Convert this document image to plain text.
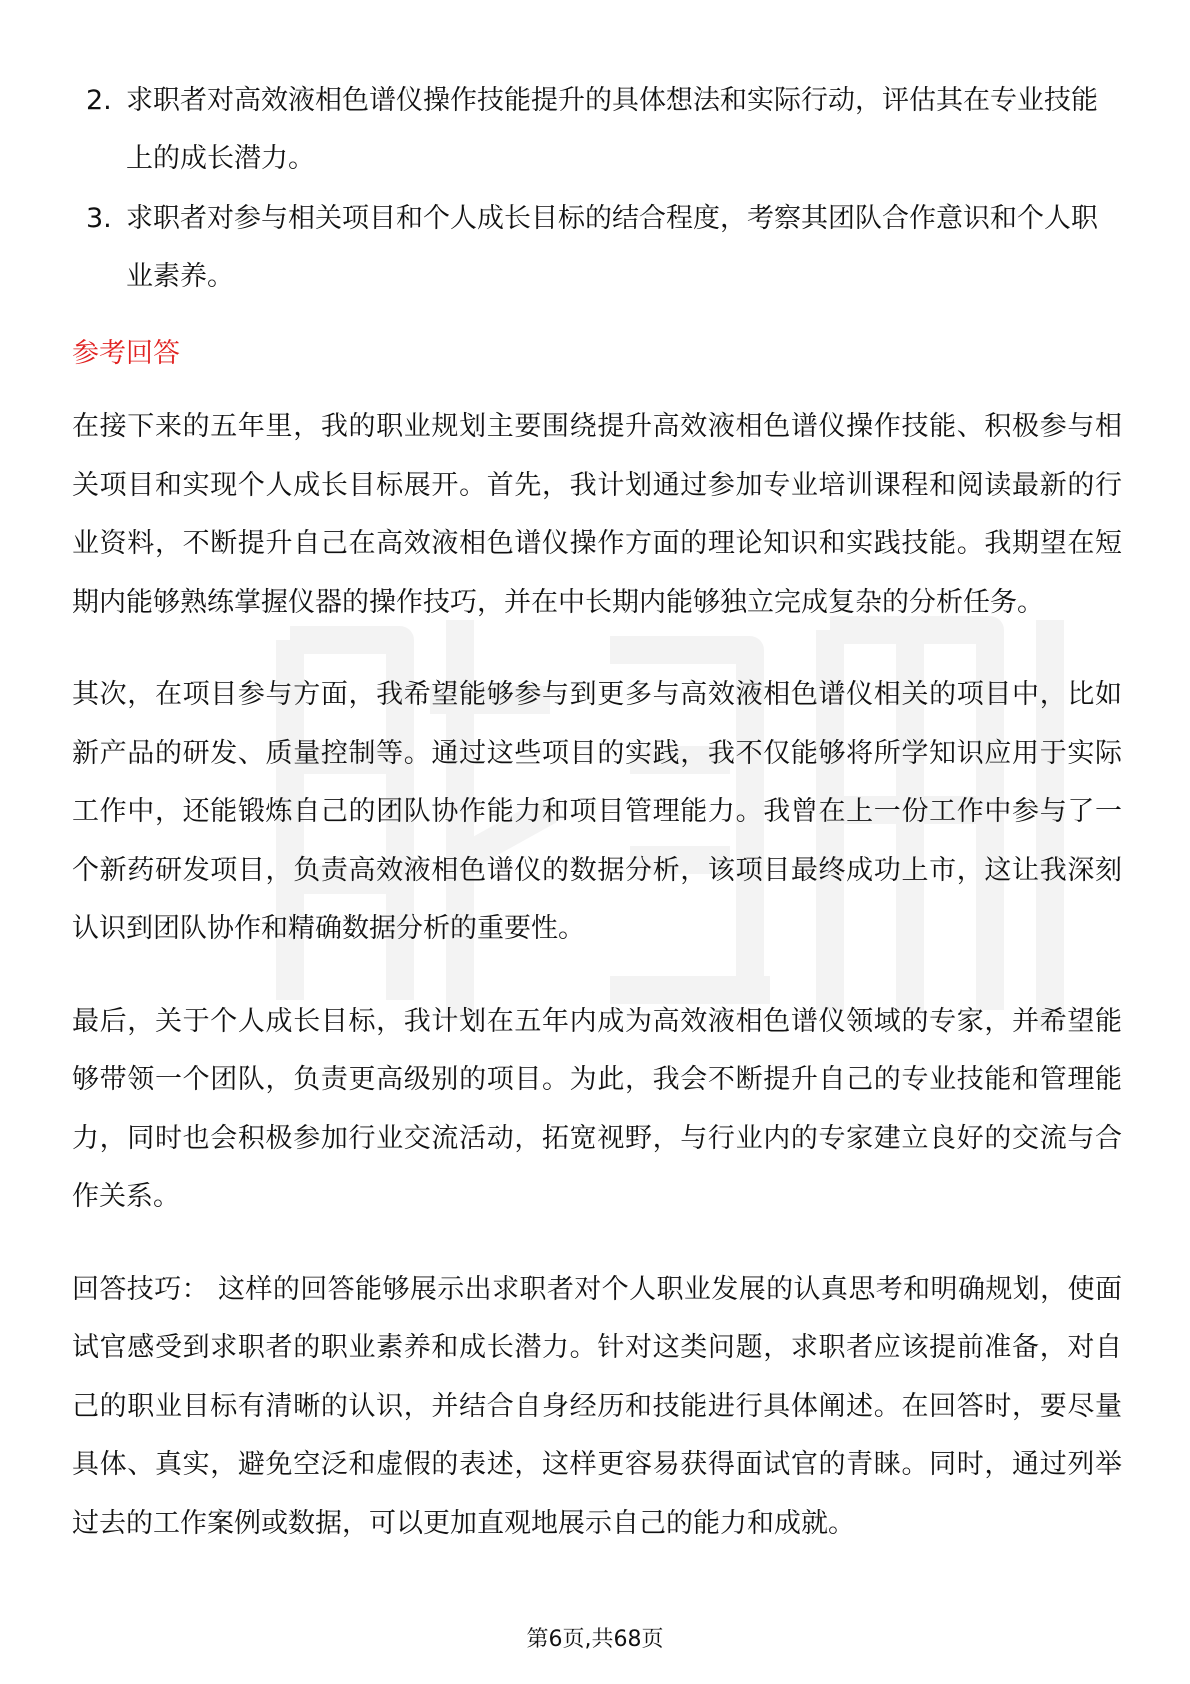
2. 求职者对高效液相色谱仪操作技能提升的具体想法和实际行动，评估其在专业技能上的成长潜力。
3. 求职者对参与相关项目和个人成长目标的结合程度，考察其团队合作意识和个人职业素养。
参考回答

在接下来的五年里，我的职业规划主要围绕提升高效液相色谱仪操作技能、积极参与相关项目和实现个人成长目标展开。首先，我计划通过参加专业培训课程和阅读最新的行业资料，不断提升自己在高效液相色谱仪操作方面的理论知识和实践技能。我期望在短期内能够熟练掌握仪器的操作技巧，并在中长期内能够独立完成复杂的分析任务。

其次，在项目参与方面，我希望能够参与到更多与高效液相色谱仪相关的项目中，比如新产品的研发、质量控制等。通过这些项目的实践，我不仅能够将所学知识应用于实际工作中，还能锻炼自己的团队协作能力和项目管理能力。我曾在上一份工作中参与了一个新药研发项目，负责高效液相色谱仪的数据分析，该项目最终成功上市，这让我深刻认识到团队协作和精确数据分析的重要性。

最后，关于个人成长目标，我计划在五年内成为高效液相色谱仪领域的专家，并希望能够带领一个团队，负责更高级别的项目。为此，我会不断提升自己的专业技能和管理能力，同时也会积极参加行业交流活动，拓宽视野，与行业内的专家建立良好的交流与合作关系。

回答技巧： 这样的回答能够展示出求职者对个人职业发展的认真思考和明确规划，使面试官感受到求职者的职业素养和成长潜力。针对这类问题，求职者应该提前准备，对自己的职业目标有清晰的认识，并结合自身经历和技能进行具体阐述。在回答时，要尽量具体、真实，避免空泛和虚假的表述，这样更容易获得面试官的青睐。同时，通过列举过去的工作案例或数据，可以更加直观地展示自己的能力和成就。

第6页,共68页
